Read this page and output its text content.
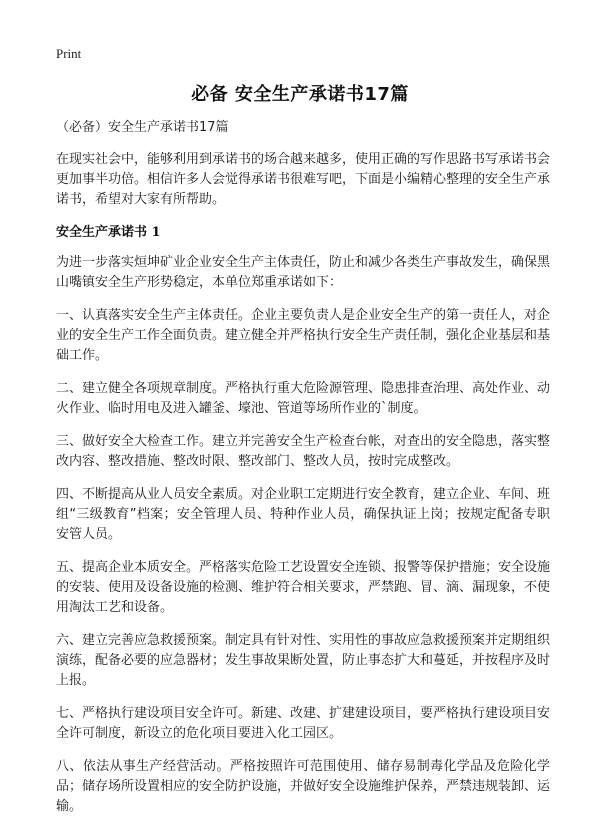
Print
必备 安全生产承诺书17篇
（必备）安全生产承诺书17篇

在现实社会中，能够利用到承诺书的场合越来越多，使用正确的写作思路书写承诺书会更加事半功倍。相信许多人会觉得承诺书很难写吧，下面是小编精心整理的安全生产承诺书，希望对大家有所帮助。

安全生产承诺书 1

为进一步落实烜坤矿业企业安全生产主体责任，防止和减少各类生产事故发生，确保黑山嘴镇安全生产形势稳定，本单位郑重承诺如下：

一、认真落实安全生产主体责任。企业主要负责人是企业安全生产的第一责任人，对企业的安全生产工作全面负责。建立健全并严格执行安全生产责任制，强化企业基层和基础工作。

二、建立健全各项规章制度。严格执行重大危险源管理、隐患排查治理、高处作业、动火作业、临时用电及进入罐釜、壕池、管道等场所作业的`制度。

三、做好安全大检查工作。建立并完善安全生产检查台帐，对查出的安全隐患，落实整改内容、整改措施、整改时限、整改部门、整改人员，按时完成整改。

四、不断提高从业人员安全素质。对企业职工定期进行安全教育，建立企业、车间、班组“三级教育”档案；安全管理人员、特种作业人员，确保执证上岗；按规定配备专职安管人员。

五、提高企业本质安全。严格落实危险工艺设置安全连锁、报警等保护措施；安全设施的安装、使用及设备设施的检测、维护符合相关要求，严禁跑、冒、滴、漏现象，不使用淘汰工艺和设备。

六、建立完善应急救援预案。制定具有针对性、实用性的事故应急救援预案并定期组织演练，配备必要的应急器材；发生事故果断处置，防止事态扩大和蔓延，并按程序及时上报。

七、严格执行建设项目安全许可。新建、改建、扩建建设项目，要严格执行建设项目安全许可制度，新设立的危化项目要进入化工园区。

八、依法从事生产经营活动。严格按照许可范围使用、储存易制毒化学品及危险化学品；储存场所设置相应的安全防护设施，并做好安全设施维护保养，严禁违规装卸、运输。
